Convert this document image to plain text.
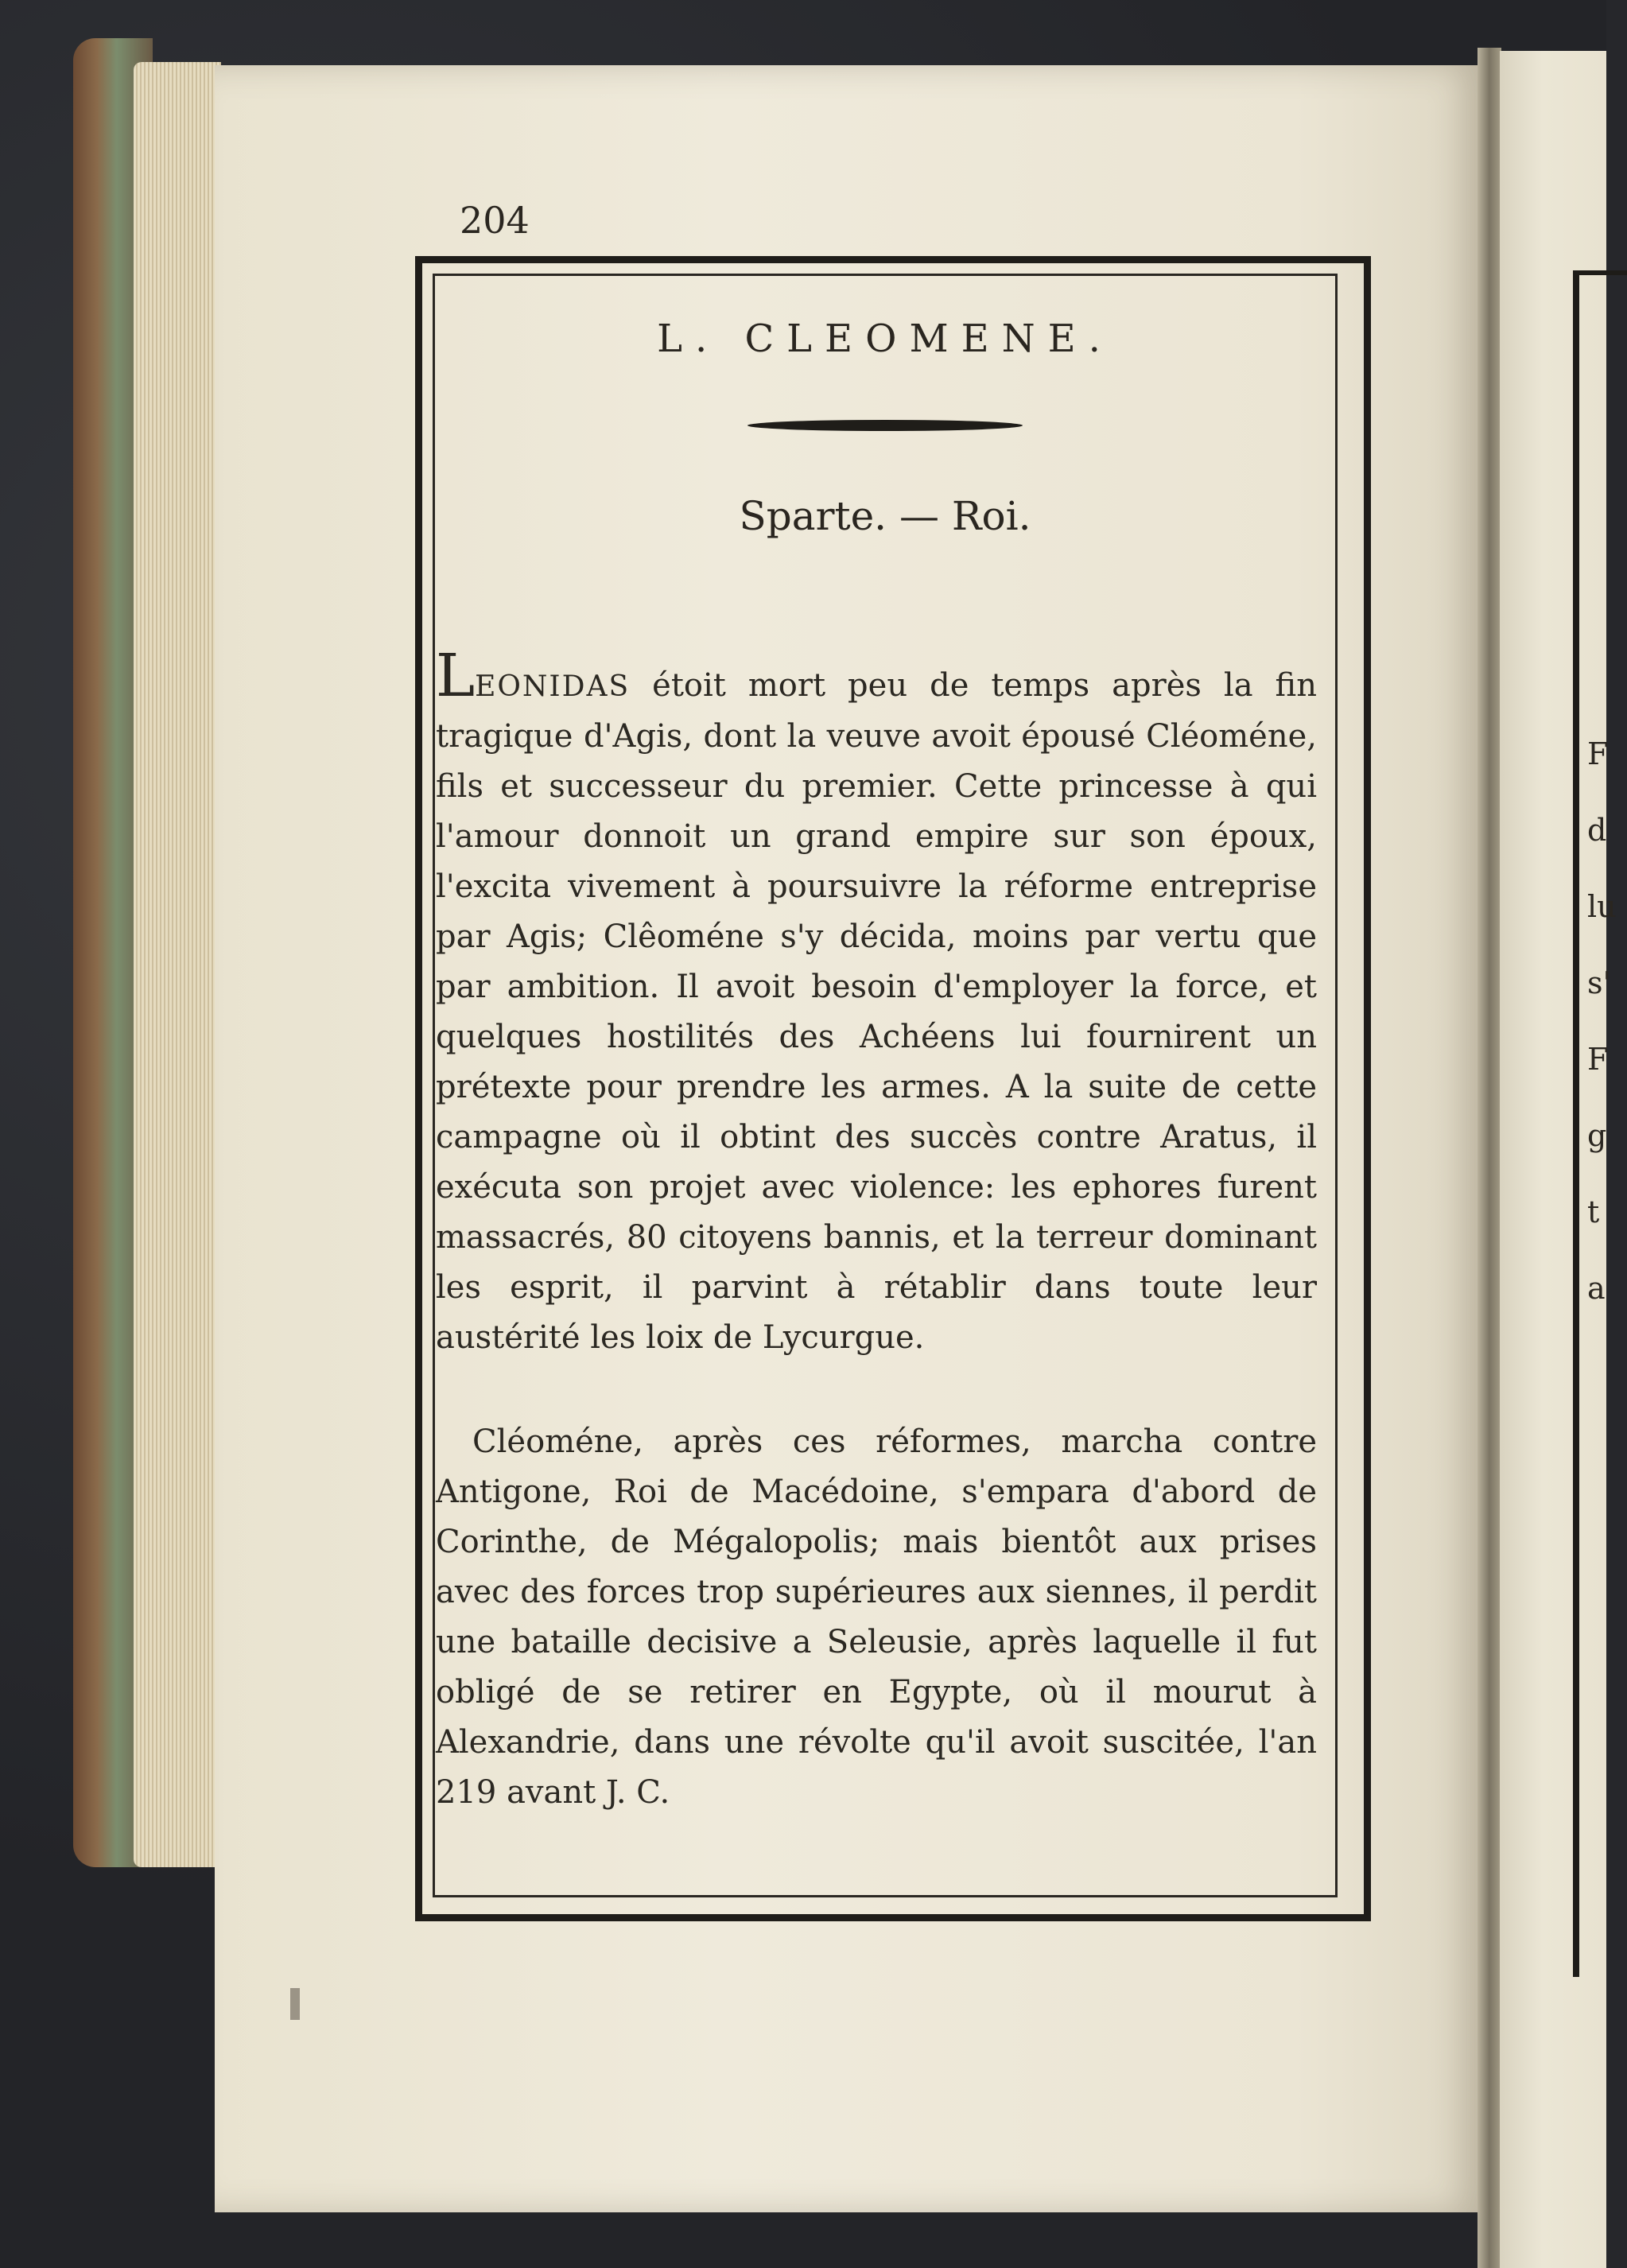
F
d
lu
s'
F
g
t
a
204
L. CLEOMENE.
Sparte. — Roi.
LEONIDAS étoit mort peu de temps après la fin tragique d'Agis, dont la veuve avoit épousé Cléoméne, fils et successeur du premier. Cette princesse à qui l'amour donnoit un grand empire sur son époux, l'excita vivement à poursuivre la réforme entreprise par Agis; Clêoméne s'y décida, moins par vertu que par ambition. Il avoit besoin d'employer la force, et quelques hostilités des Achéens lui fournirent un prétexte pour prendre les armes. A la suite de cette campagne où il obtint des succès contre Aratus, il exécuta son projet avec violence: les ephores furent massacrés, 80 citoyens bannis, et la terreur dominant les esprit, il parvint à rétablir dans toute leur austérité les loix de Lycurgue.
Cléoméne, après ces réformes, marcha contre Antigone, Roi de Macédoine, s'empara d'abord de Corinthe, de Mégalopolis; mais bientôt aux prises avec des forces trop supérieures aux siennes, il perdit une bataille decisive a Seleusie, après laquelle il fut obligé de se retirer en Egypte, où il mourut à Alexandrie, dans une révolte qu'il avoit suscitée, l'an 219 avant J. C.
